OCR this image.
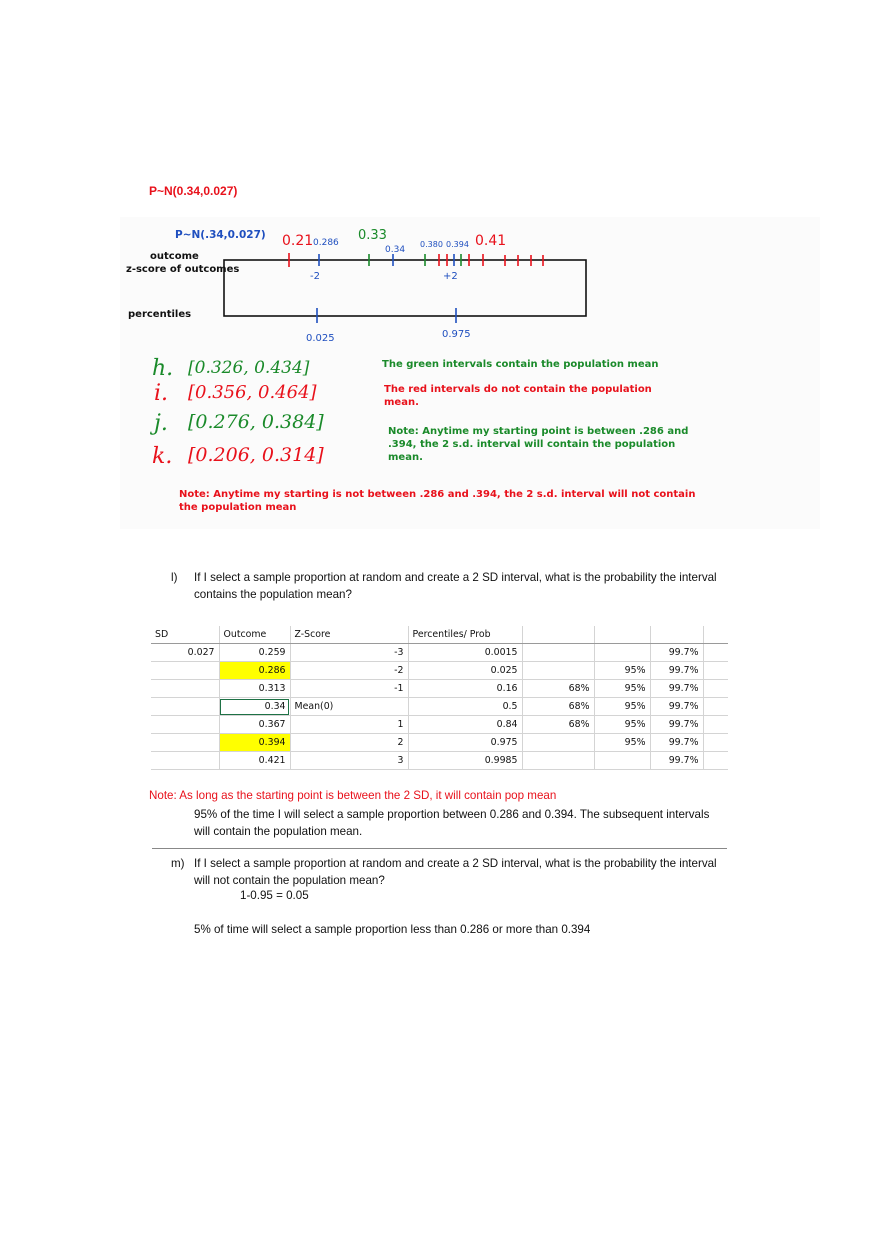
P~N(0.34,0.027)
P~N(.34,0.027)
outcome
z-score of outcomes
percentiles
0.21 0.286 0.33
0.34
0.380 0.394 0.41
-2	+2
0.025	0.975
h. [0.326, 0.434]
i. [0.356, 0.464]
j. [0.276, 0.384]
k. [0.206, 0.314]
The green intervals contain the population mean
The red intervals do not contain the population mean.
Note: Anytime my starting point is between .286 and .394, the 2 s.d. interval will contain the population mean.
Note: Anytime my starting is not between .286 and .394, the 2 s.d. interval will not contain the population mean
l) If I select a sample proportion at random and create a 2 SD interval, what is the probability the interval contains the population mean?
SD	Outcome	Z-Score	Percentiles/ Prob				
0.027	0.259	-3	0.0015			99.7%	
	0.286	-2	0.025		95%	99.7%	
	0.313	-1	0.16	68%	95%	99.7%	
	0.34	Mean(0)	0.5	68%	95%	99.7%	
	0.367	1	0.84	68%	95%	99.7%	
	0.394	2	0.975		95%	99.7%	
	0.421	3	0.9985			99.7%	
Note: As long as the starting point is between the 2 SD, it will contain pop mean
95% of the time I will select a sample proportion between 0.286 and 0.394. The subsequent intervals will contain the population mean.
m) If I select a sample proportion at random and create a 2 SD interval, what is the probability the interval will not contain the population mean?
1-0.95 = 0.05
5% of time will select a sample proportion less than 0.286 or more than 0.394
